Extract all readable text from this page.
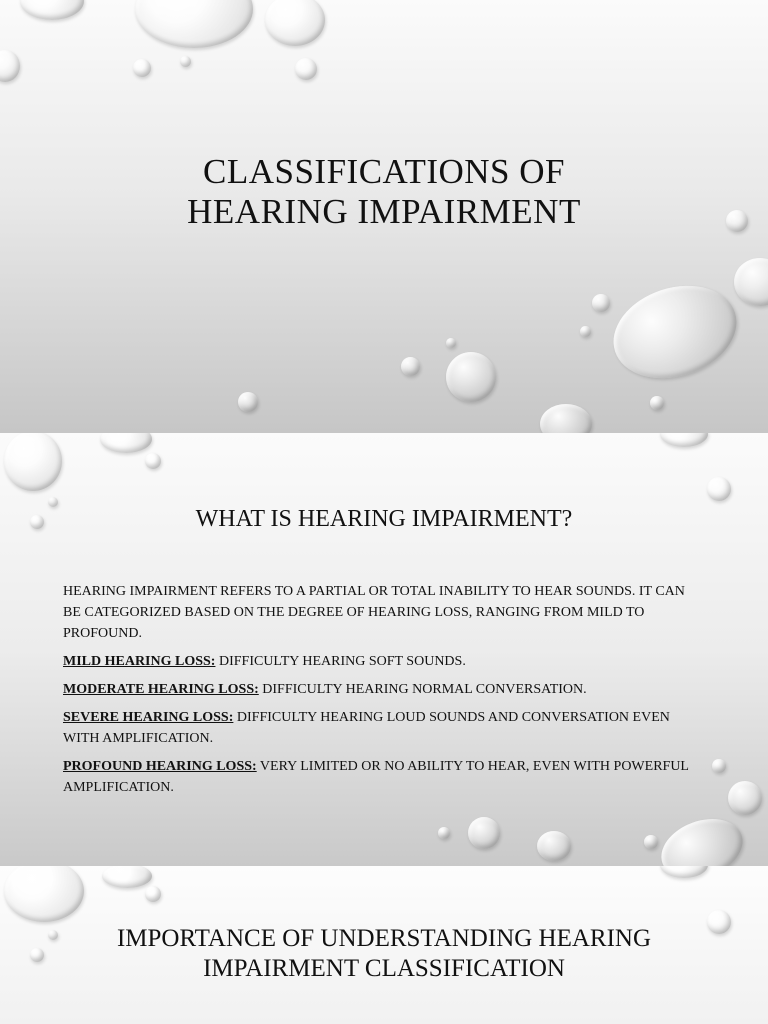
CLASSIFICATIONS OF
HEARING IMPAIRMENT
WHAT IS HEARING IMPAIRMENT?

HEARING IMPAIRMENT REFERS TO A PARTIAL OR TOTAL INABILITY TO HEAR SOUNDS. IT CAN BE CATEGORIZED BASED ON THE DEGREE OF HEARING LOSS, RANGING FROM MILD TO PROFOUND.

MILD HEARING LOSS: DIFFICULTY HEARING SOFT SOUNDS.

MODERATE HEARING LOSS: DIFFICULTY HEARING NORMAL CONVERSATION.

SEVERE HEARING LOSS: DIFFICULTY HEARING LOUD SOUNDS AND CONVERSATION EVEN WITH AMPLIFICATION.

PROFOUND HEARING LOSS: VERY LIMITED OR NO ABILITY TO HEAR, EVEN WITH POWERFUL AMPLIFICATION.

IMPORTANCE OF UNDERSTANDING HEARING
IMPAIRMENT CLASSIFICATION
